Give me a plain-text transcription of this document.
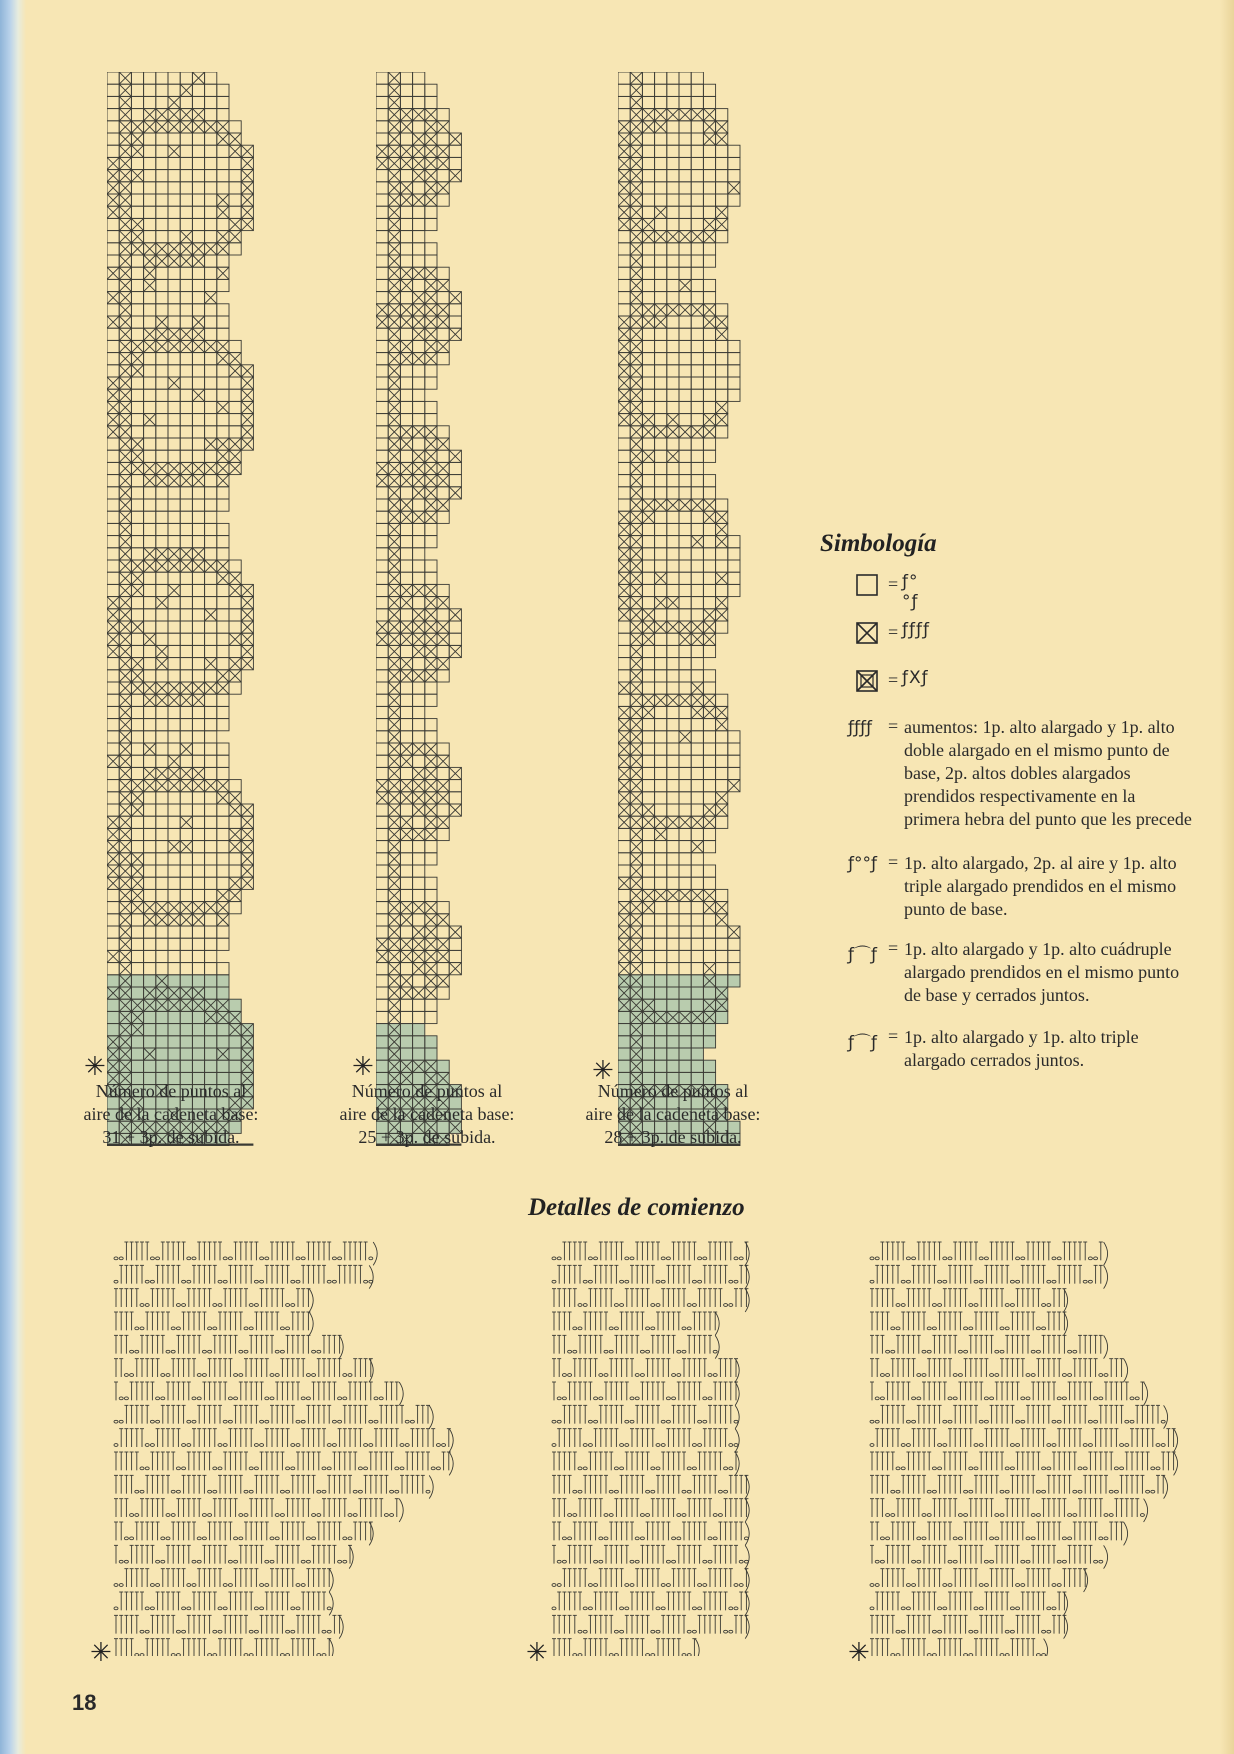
✳	✳	✳
Número de puntos al
aire de la cadeneta base:
31 + 3p. de subida.
Número de puntos al
aire de la cadeneta base:
25 + 3p. de subida.
Número de puntos al
aire de la cadeneta base:
28 + 3p. de subida.
Simbología
= ƒ°°ƒ
= ƒƒƒƒ
= ƒXƒ
ƒƒƒƒ = aumentos: 1p. alto alargado y 1p. alto
doble alargado en el mismo punto de
base, 2p. altos dobles alargados
prendidos respectivamente en la
primera hebra del punto que les precede
ƒ°°ƒ = 1p. alto alargado, 2p. al aire y 1p. alto
triple alargado prendidos en el mismo
punto de base.
ƒ⌒ƒ = 1p. alto alargado y 1p. alto cuádruple
alargado prendidos en el mismo punto
de base y cerrados juntos.
ƒ⌒ƒ = 1p. alto alargado y 1p. alto triple
alargado cerrados juntos.
Detalles de comienzo
✳	✳	✳
18
